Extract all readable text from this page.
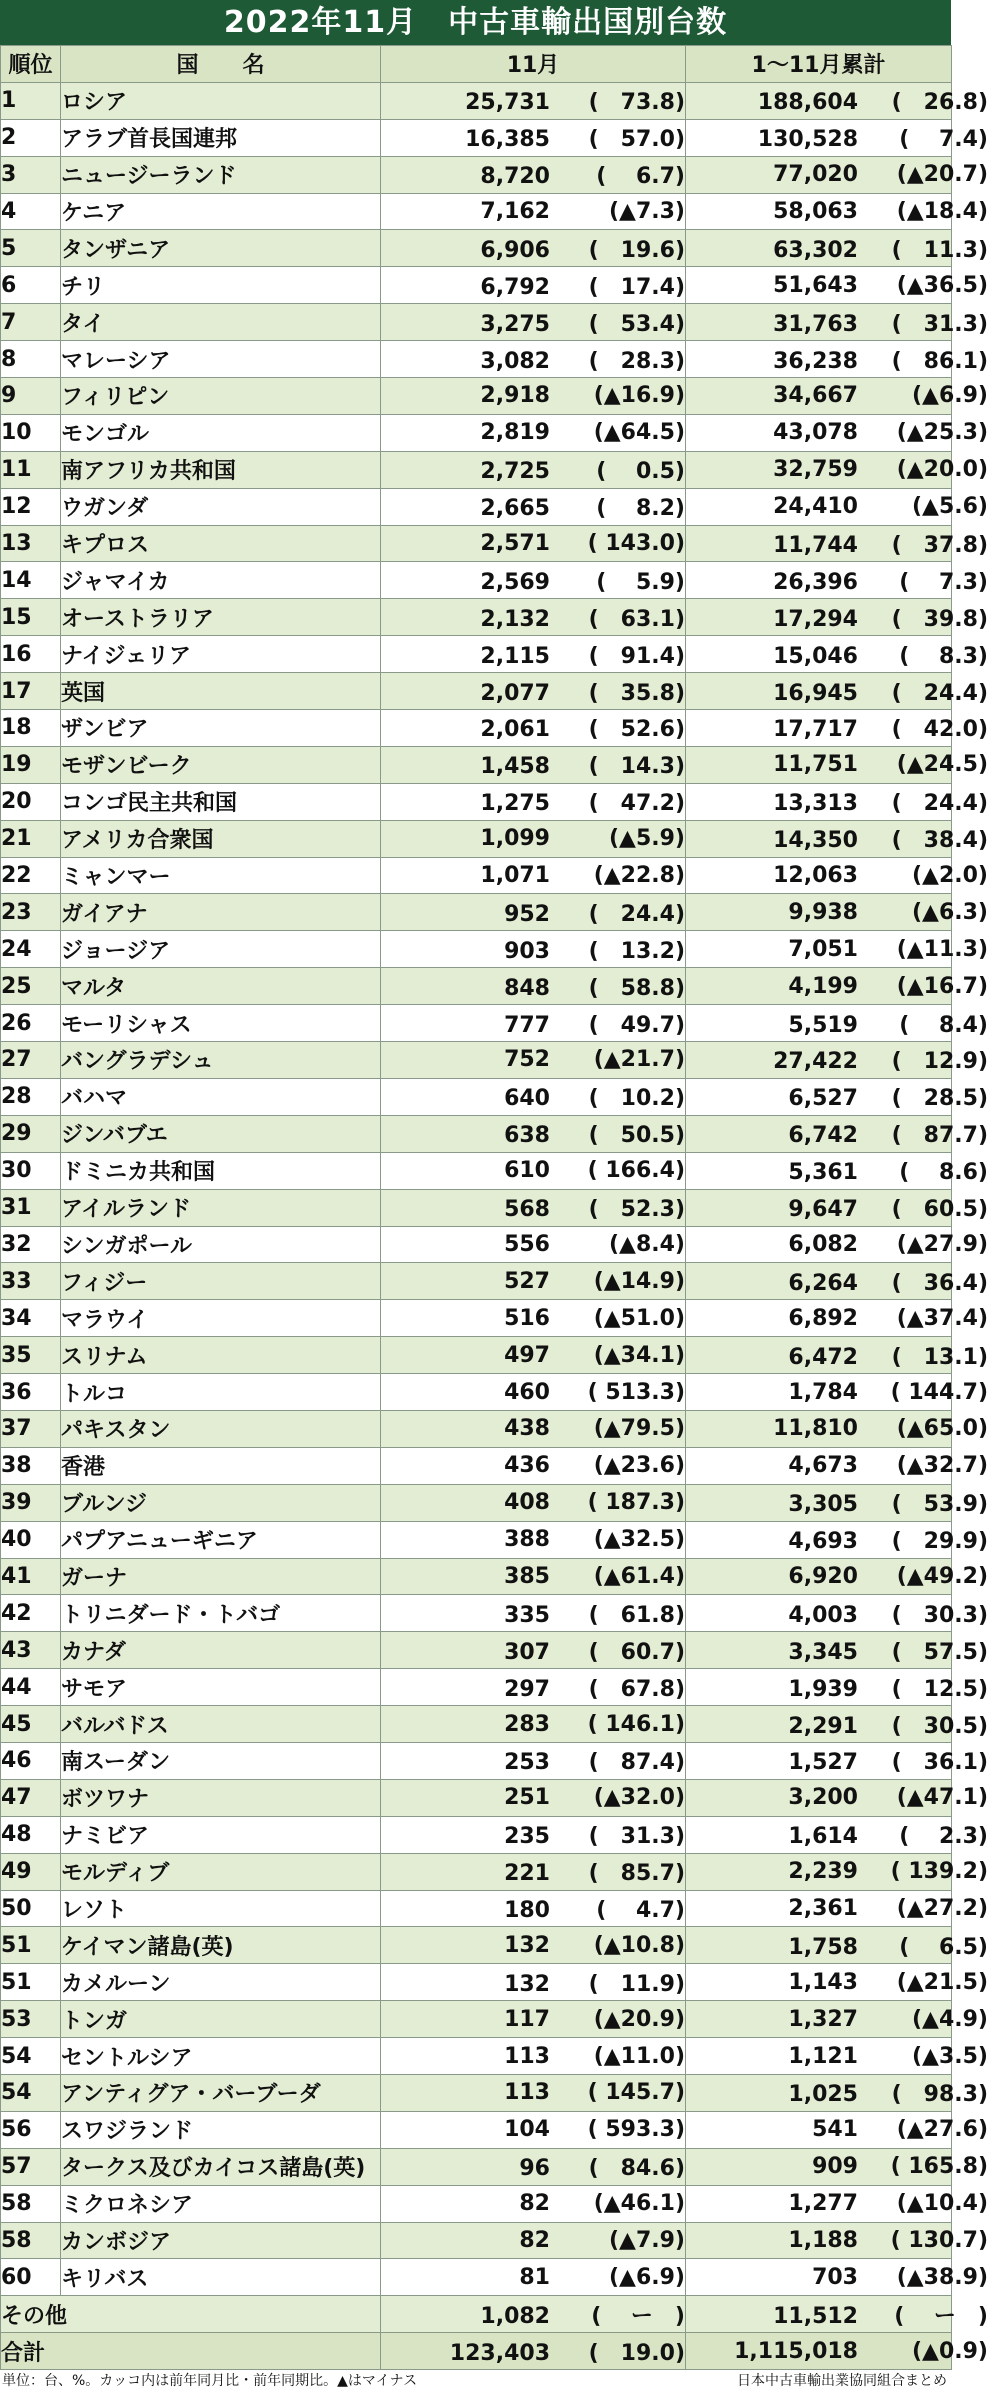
2022年11月　中古車輸出国別台数
順位	国　　名	11月	1～11月累計
1	ロシア	25,731 (　73.8)	188,604 (　26.8)
2	アラブ首長国連邦	16,385 (　57.0)	130,528 (　 7.4)
3	ニュージーランド	8,720 (　 6.7)	77,020 (▲20.7)
4	ケニア	7,162 (▲7.3)	58,063 (▲18.4)
5	タンザニア	6,906 (　19.6)	63,302 (　11.3)
6	チリ	6,792 (　17.4)	51,643 (▲36.5)
7	タイ	3,275 (　53.4)	31,763 (　31.3)
8	マレーシア	3,082 (　28.3)	36,238 (　86.1)
9	フィリピン	2,918 (▲16.9)	34,667 (▲6.9)
10	モンゴル	2,819 (▲64.5)	43,078 (▲25.3)
11	南アフリカ共和国	2,725 (　 0.5)	32,759 (▲20.0)
12	ウガンダ	2,665 (　 8.2)	24,410 (▲5.6)
13	キプロス	2,571 ( 143.0)	11,744 (　37.8)
14	ジャマイカ	2,569 (　 5.9)	26,396 (　 7.3)
15	オーストラリア	2,132 (　63.1)	17,294 (　39.8)
16	ナイジェリア	2,115 (　91.4)	15,046 (　 8.3)
17	英国	2,077 (　35.8)	16,945 (　24.4)
18	ザンビア	2,061 (　52.6)	17,717 (　42.0)
19	モザンビーク	1,458 (　14.3)	11,751 (▲24.5)
20	コンゴ民主共和国	1,275 (　47.2)	13,313 (　24.4)
21	アメリカ合衆国	1,099 (▲5.9)	14,350 (　38.4)
22	ミャンマー	1,071 (▲22.8)	12,063 (▲2.0)
23	ガイアナ	952 (　24.4)	9,938 (▲6.3)
24	ジョージア	903 (　13.2)	7,051 (▲11.3)
25	マルタ	848 (　58.8)	4,199 (▲16.7)
26	モーリシャス	777 (　49.7)	5,519 (　 8.4)
27	バングラデシュ	752 (▲21.7)	27,422 (　12.9)
28	バハマ	640 (　10.2)	6,527 (　28.5)
29	ジンバブエ	638 (　50.5)	6,742 (　87.7)
30	ドミニカ共和国	610 ( 166.4)	5,361 (　 8.6)
31	アイルランド	568 (　52.3)	9,647 (　60.5)
32	シンガポール	556 (▲8.4)	6,082 (▲27.9)
33	フィジー	527 (▲14.9)	6,264 (　36.4)
34	マラウイ	516 (▲51.0)	6,892 (▲37.4)
35	スリナム	497 (▲34.1)	6,472 (　13.1)
36	トルコ	460 ( 513.3)	1,784 ( 144.7)
37	パキスタン	438 (▲79.5)	11,810 (▲65.0)
38	香港	436 (▲23.6)	4,673 (▲32.7)
39	ブルンジ	408 ( 187.3)	3,305 (　53.9)
40	パプアニューギニア	388 (▲32.5)	4,693 (　29.9)
41	ガーナ	385 (▲61.4)	6,920 (▲49.2)
42	トリニダード・トバゴ	335 (　61.8)	4,003 (　30.3)
43	カナダ	307 (　60.7)	3,345 (　57.5)
44	サモア	297 (　67.8)	1,939 (　12.5)
45	バルバドス	283 ( 146.1)	2,291 (　30.5)
46	南スーダン	253 (　87.4)	1,527 (　36.1)
47	ボツワナ	251 (▲32.0)	3,200 (▲47.1)
48	ナミビア	235 (　31.3)	1,614 (　 2.3)
49	モルディブ	221 (　85.7)	2,239 ( 139.2)
50	レソト	180 (　 4.7)	2,361 (▲27.2)
51	ケイマン諸島(英)	132 (▲10.8)	1,758 (　 6.5)
51	カメルーン	132 (　11.9)	1,143 (▲21.5)
53	トンガ	117 (▲20.9)	1,327 (▲4.9)
54	セントルシア	113 (▲11.0)	1,121 (▲3.5)
54	アンティグア・バーブーダ	113 ( 145.7)	1,025 (　98.3)
56	スワジランド	104 ( 593.3)	541 (▲27.6)
57	タークス及びカイコス諸島(英)	96 (　84.6)	909 ( 165.8)
58	ミクロネシア	82 (▲46.1)	1,277 (▲10.4)
58	カンボジア	82 (▲7.9)	1,188 ( 130.7)
60	キリバス	81 (▲6.9)	703 (▲38.9)
その他		1,082 (　 ー　)	11,512 (　 ー　)
合計		123,403 (　19.0)	1,115,018 (▲0.9)
単位：台、%。カッコ内は前年同月比・前年同期比。▲はマイナス	日本中古車輸出業協同組合まとめ
